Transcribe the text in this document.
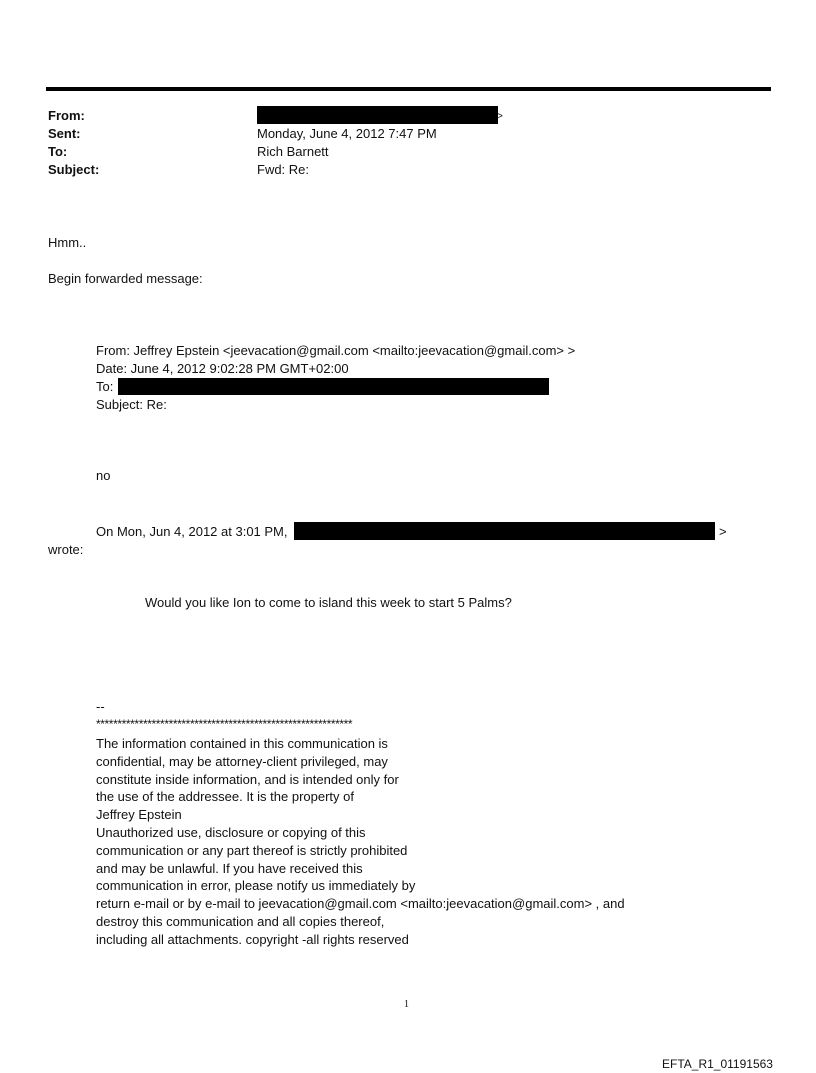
From:	>
Sent:	Monday, June 4, 2012 7:47 PM
To:	Rich Barnett
Subject:	Fwd: Re:
Hmm..
Begin forwarded message:
From: Jeffrey Epstein <jeevacation@gmail.com <mailto:jeevacation@gmail.com> >
Date: June 4, 2012 9:02:28 PM GMT+02:00
To:
Subject: Re:
no
On Mon, Jun 4, 2012 at 3:01 PM,	>
wrote:
Would you like Ion to come to island this week to start 5 Palms?
--
************************************************************
The information contained in this communication is
confidential, may be attorney-client privileged, may
constitute inside information, and is intended only for
the use of the addressee. It is the property of
Jeffrey Epstein
Unauthorized use, disclosure or copying of this
communication or any part thereof is strictly prohibited
and may be unlawful. If you have received this
communication in error, please notify us immediately by
return e-mail or by e-mail to jeevacation@gmail.com <mailto:jeevacation@gmail.com> , and
destroy this communication and all copies thereof,
including all attachments. copyright -all rights reserved
1
EFTA_R1_01191563
